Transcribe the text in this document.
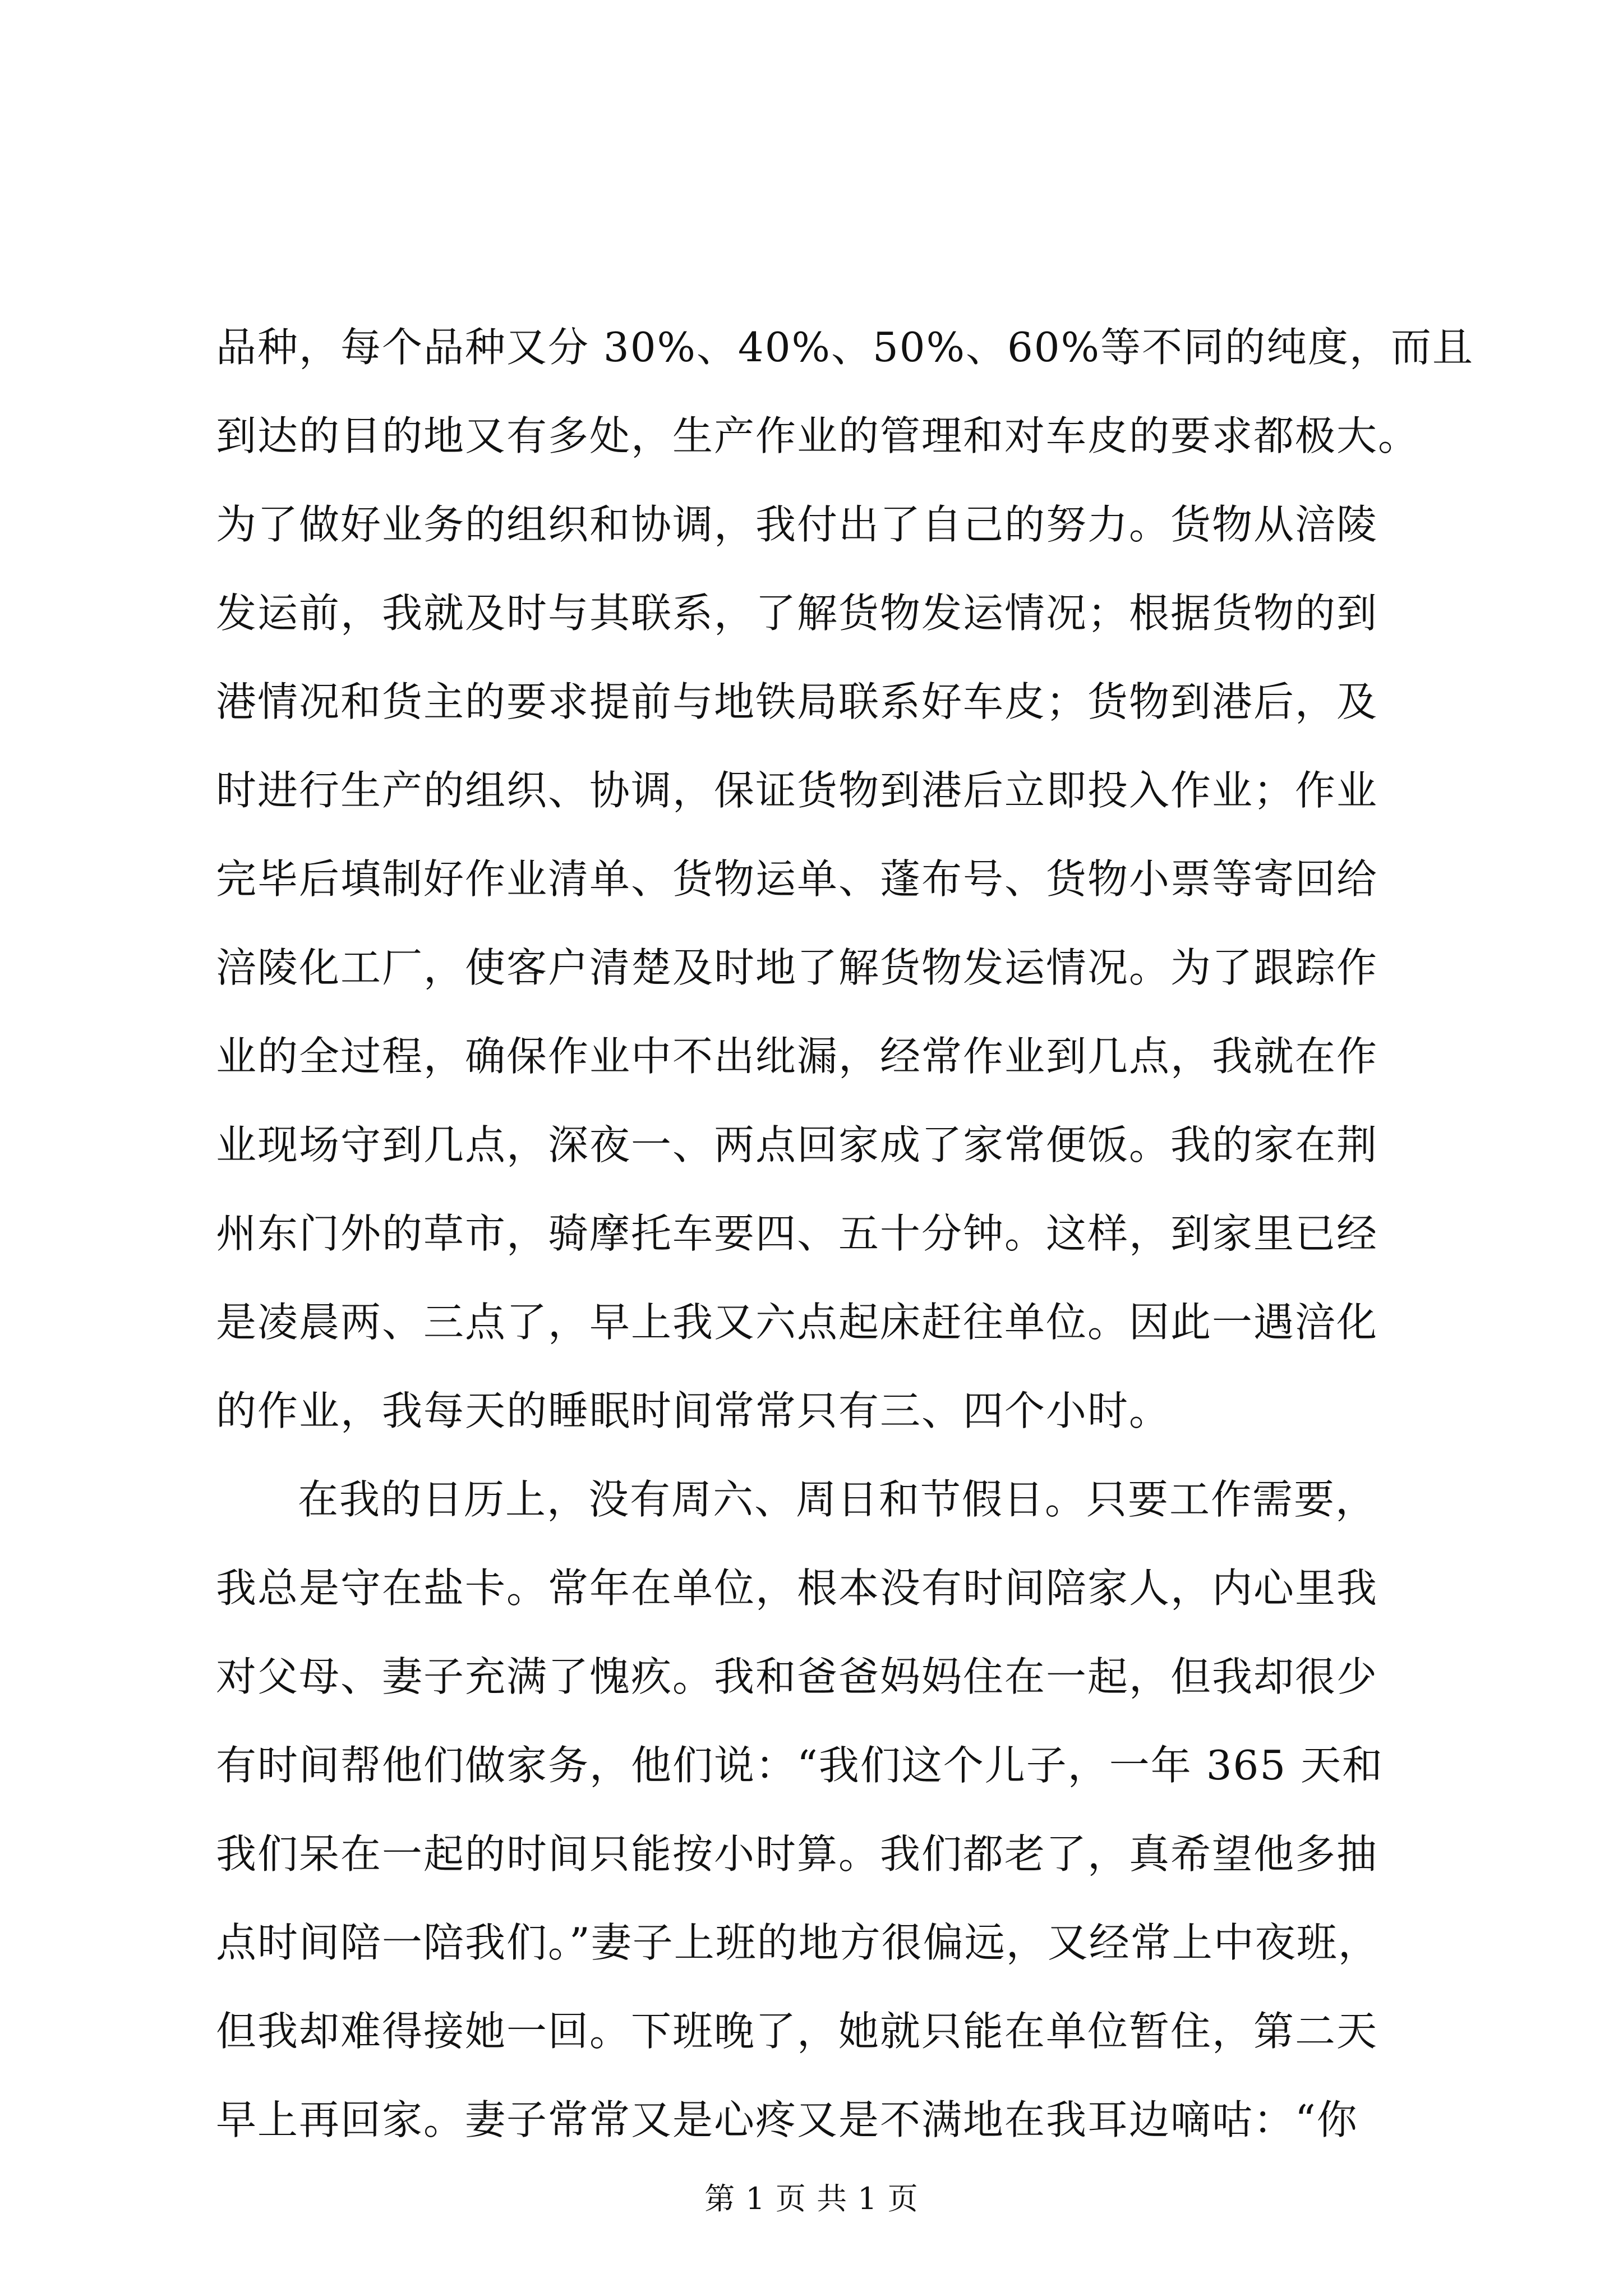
品种，每个品种又分 30%、40%、50%、60%等不同的纯度，而且
到达的目的地又有多处，生产作业的管理和对车皮的要求都极大。
为了做好业务的组织和协调，我付出了自己的努力。货物从涪陵
发运前，我就及时与其联系，了解货物发运情况；根据货物的到
港情况和货主的要求提前与地铁局联系好车皮；货物到港后，及
时进行生产的组织、协调，保证货物到港后立即投入作业；作业
完毕后填制好作业清单、货物运单、蓬布号、货物小票等寄回给
涪陵化工厂，使客户清楚及时地了解货物发运情况。为了跟踪作
业的全过程，确保作业中不出纰漏，经常作业到几点，我就在作
业现场守到几点，深夜一、两点回家成了家常便饭。我的家在荆
州东门外的草市，骑摩托车要四、五十分钟。这样，到家里已经
是凌晨两、三点了，早上我又六点起床赶往单位。因此一遇涪化
的作业，我每天的睡眠时间常常只有三、四个小时。
在我的日历上，没有周六、周日和节假日。只要工作需要，
我总是守在盐卡。常年在单位，根本没有时间陪家人，内心里我
对父母、妻子充满了愧疚。我和爸爸妈妈住在一起，但我却很少
有时间帮他们做家务，他们说：“我们这个儿子，一年 365 天和
我们呆在一起的时间只能按小时算。我们都老了，真希望他多抽
点时间陪一陪我们。”妻子上班的地方很偏远，又经常上中夜班，
但我却难得接她一回。下班晚了，她就只能在单位暂住，第二天
早上再回家。妻子常常又是心疼又是不满地在我耳边嘀咕：“你
第 1 页 共 1 页
